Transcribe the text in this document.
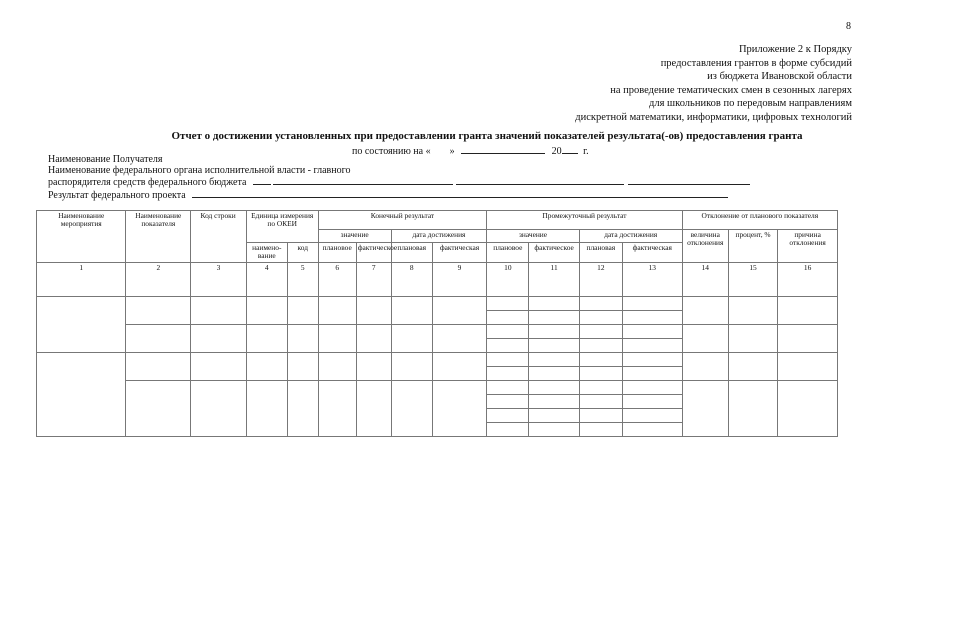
8
Приложение 2 к Порядку
предоставления грантов в форме субсидий
из бюджета Ивановской области
на проведение тематических смен в сезонных лагерях
для школьников по передовым направлениям
дискретной математики, информатики, цифровых технологий
Отчет о достижении установленных при предоставлении гранта значений показателей результата(-ов) предоставления гранта
по состоянию на « »	20 г.
Наименование Получателя
Наименование федерального органа исполнительной власти - главного
распорядителя средств федерального бюджета
Результат федерального проекта
Наименование мероприятия	Наименование показателя	Код строки	Единица измерения по ОКЕИ		Конечный результат				Промежуточный результат				Отклонение от планового показателя		
					значение		дата достижения		значение		дата достижения		величина отклонения	процент, %	причина отклонения
			наимено-вание	код	плановое	фактическое	плановая	фактическая	плановое	фактическое	плановая	фактическая			
1	2	3	4	5	6	7	8	9	10	11	12	13	14	15	16
